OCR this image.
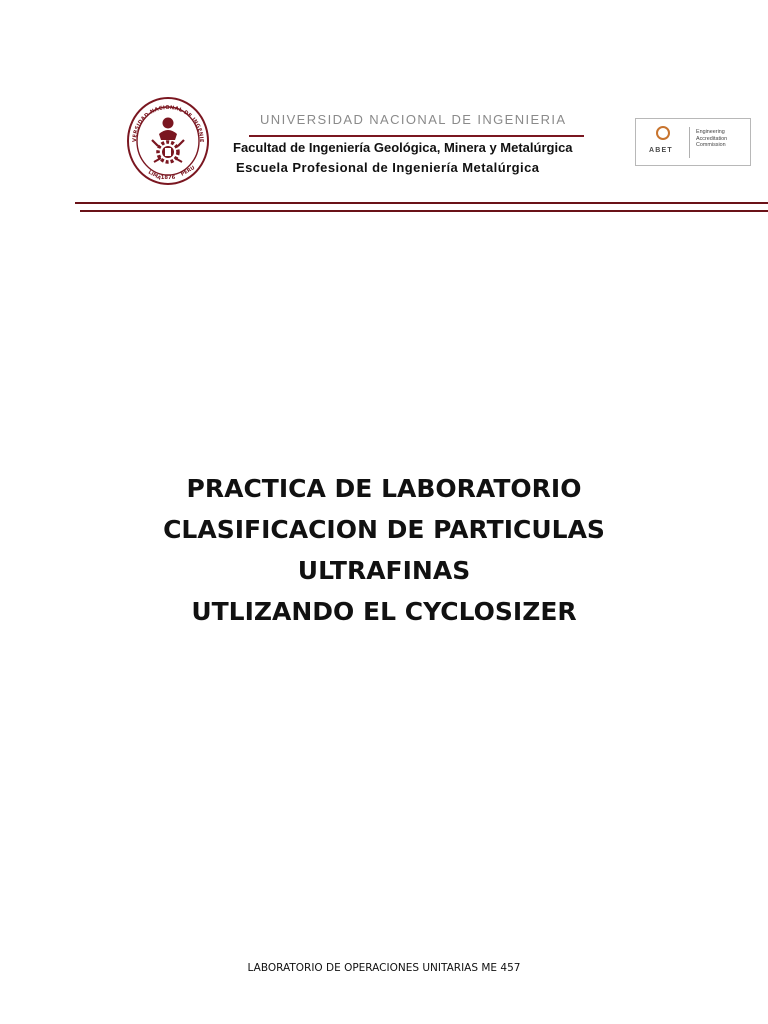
VERSIDAD NACIONAL DE INGENIE
LIMA
1876
PERU
UNIVERSIDAD NACIONAL DE INGENIERIA
Facultad de Ingeniería Geológica, Minera y Metalúrgica
Escuela Profesional de Ingeniería Metalúrgica
ABET
Engineering
Accreditation
Commission
PRACTICA DE LABORATORIO
CLASIFICACION DE PARTICULAS
ULTRAFINAS
UTLIZANDO EL CYCLOSIZER
LABORATORIO DE OPERACIONES UNITARIAS ME 457
